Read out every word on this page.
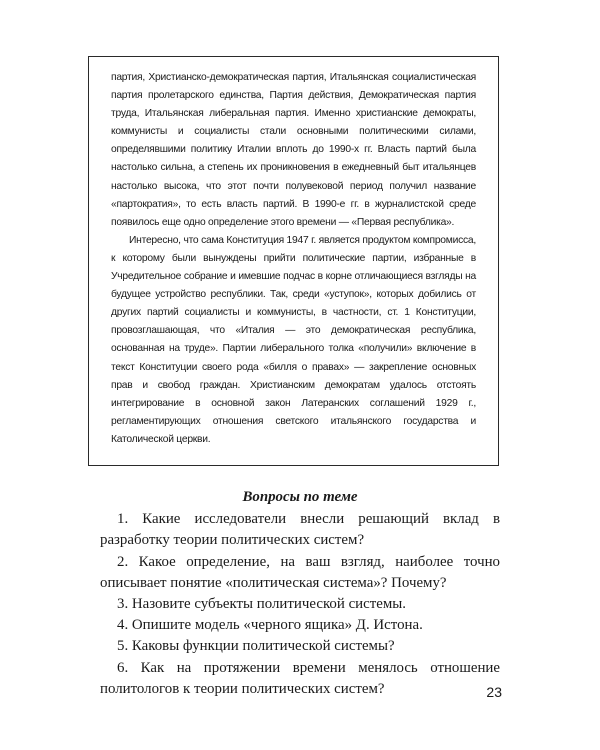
партия, Христианско-демократическая партия, Итальянская социалистическая партия пролетарского единства, Партия действия, Демократическая партия труда, Итальянская либеральная партия. Именно христианские демократы, коммунисты и социалисты стали основными политическими силами, определявшими политику Италии вплоть до 1990-х гг. Власть партий была настолько сильна, а степень их проникновения в ежедневный быт итальянцев настолько высока, что этот почти полувековой период получил название «партократия», то есть власть партий. В 1990-е гг. в журналистской среде появилось еще одно определение этого времени — «Первая республика».

Интересно, что сама Конституция 1947 г. является продуктом компромисса, к которому были вынуждены прийти политические партии, избранные в Учредительное собрание и имевшие подчас в корне отличающиеся взгляды на будущее устройство республики. Так, среди «уступок», которых добились от других партий социалисты и коммунисты, в частности, ст. 1 Конституции, провозглашающая, что «Италия — это демократическая республика, основанная на труде». Партии либерального толка «получили» включение в текст Конституции своего рода «билля о правах» — закрепление основных прав и свобод граждан. Христианским демократам удалось отстоять интегрирование в основной закон Латеранских соглашений 1929 г., регламентирующих отношения светского итальянского государства и Католической церкви.

Вопросы по теме
1. Какие исследователи внесли решающий вклад в разработку теории политических систем?
2. Какое определение, на ваш взгляд, наиболее точно описывает понятие «политическая система»? Почему?
3. Назовите субъекты политической системы.
4. Опишите модель «черного ящика» Д. Истона.
5. Каковы функции политической системы?
6. Как на протяжении времени менялось отношение политологов к теории политических систем?	23
